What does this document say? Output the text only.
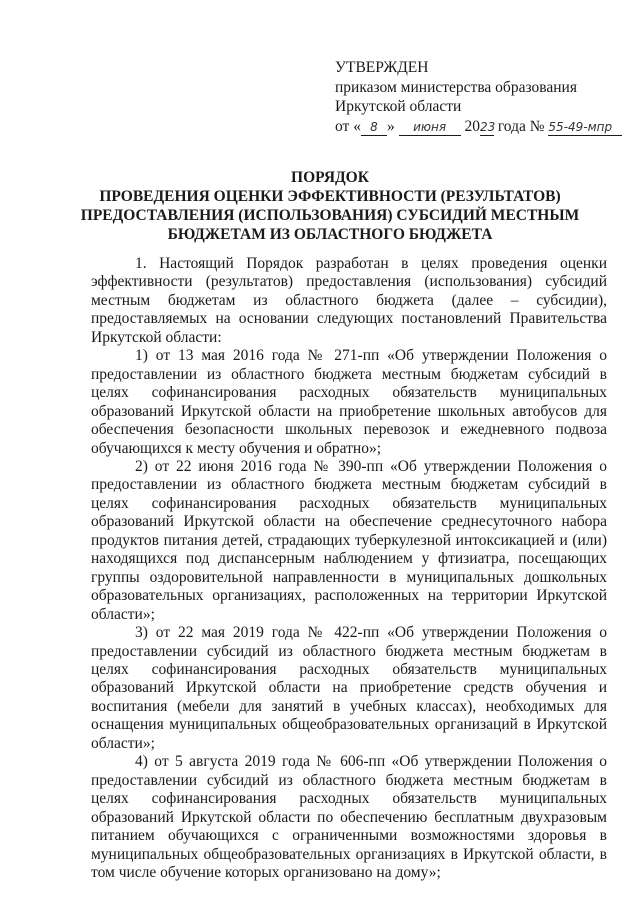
УТВЕРЖДЕН
приказом министерства образования
Иркутской области
от « 8 » июня 2023 года № 55-49-мпр
ПОРЯДОК
ПРОВЕДЕНИЯ ОЦЕНКИ ЭФФЕКТИВНОСТИ (РЕЗУЛЬТАТОВ)
ПРЕДОСТАВЛЕНИЯ (ИСПОЛЬЗОВАНИЯ) СУБСИДИЙ МЕСТНЫМ
БЮДЖЕТАМ ИЗ ОБЛАСТНОГО БЮДЖЕТА

1. Настоящий Порядок разработан в целях проведения оценки эффективности (результатов) предоставления (использования) субсидий местным бюджетам из областного бюджета (далее – субсидии), предоставляемых на основании следующих постановлений Правительства Иркутской области:

1) от 13 мая 2016 года № 271-пп «Об утверждении Положения о предоставлении из областного бюджета местным бюджетам субсидий в целях софинансирования расходных обязательств муниципальных образований Иркутской области на приобретение школьных автобусов для обеспечения безопасности школьных перевозок и ежедневного подвоза обучающихся к месту обучения и обратно»;

2) от 22 июня 2016 года № 390-пп «Об утверждении Положения о предоставлении из областного бюджета местным бюджетам субсидий в целях софинансирования расходных обязательств муниципальных образований Иркутской области на обеспечение среднесуточного набора продуктов питания детей, страдающих туберкулезной интоксикацией и (или) находящихся под диспансерным наблюдением у фтизиатра, посещающих группы оздоровительной направленности в муниципальных дошкольных образовательных организациях, расположенных на территории Иркутской области»;

3) от 22 мая 2019 года № 422-пп «Об утверждении Положения о предоставлении субсидий из областного бюджета местным бюджетам в целях софинансирования расходных обязательств муниципальных образований Иркутской области на приобретение средств обучения и воспитания (мебели для занятий в учебных классах), необходимых для оснащения муниципальных общеобразовательных организаций в Иркутской области»;

4) от 5 августа 2019 года № 606-пп «Об утверждении Положения о предоставлении субсидий из областного бюджета местным бюджетам в целях софинансирования расходных обязательств муниципальных образований Иркутской области по обеспечению бесплатным двухразовым питанием обучающихся с ограниченными возможностями здоровья в муниципальных общеобразовательных организациях в Иркутской области, в том числе обучение которых организовано на дому»;
